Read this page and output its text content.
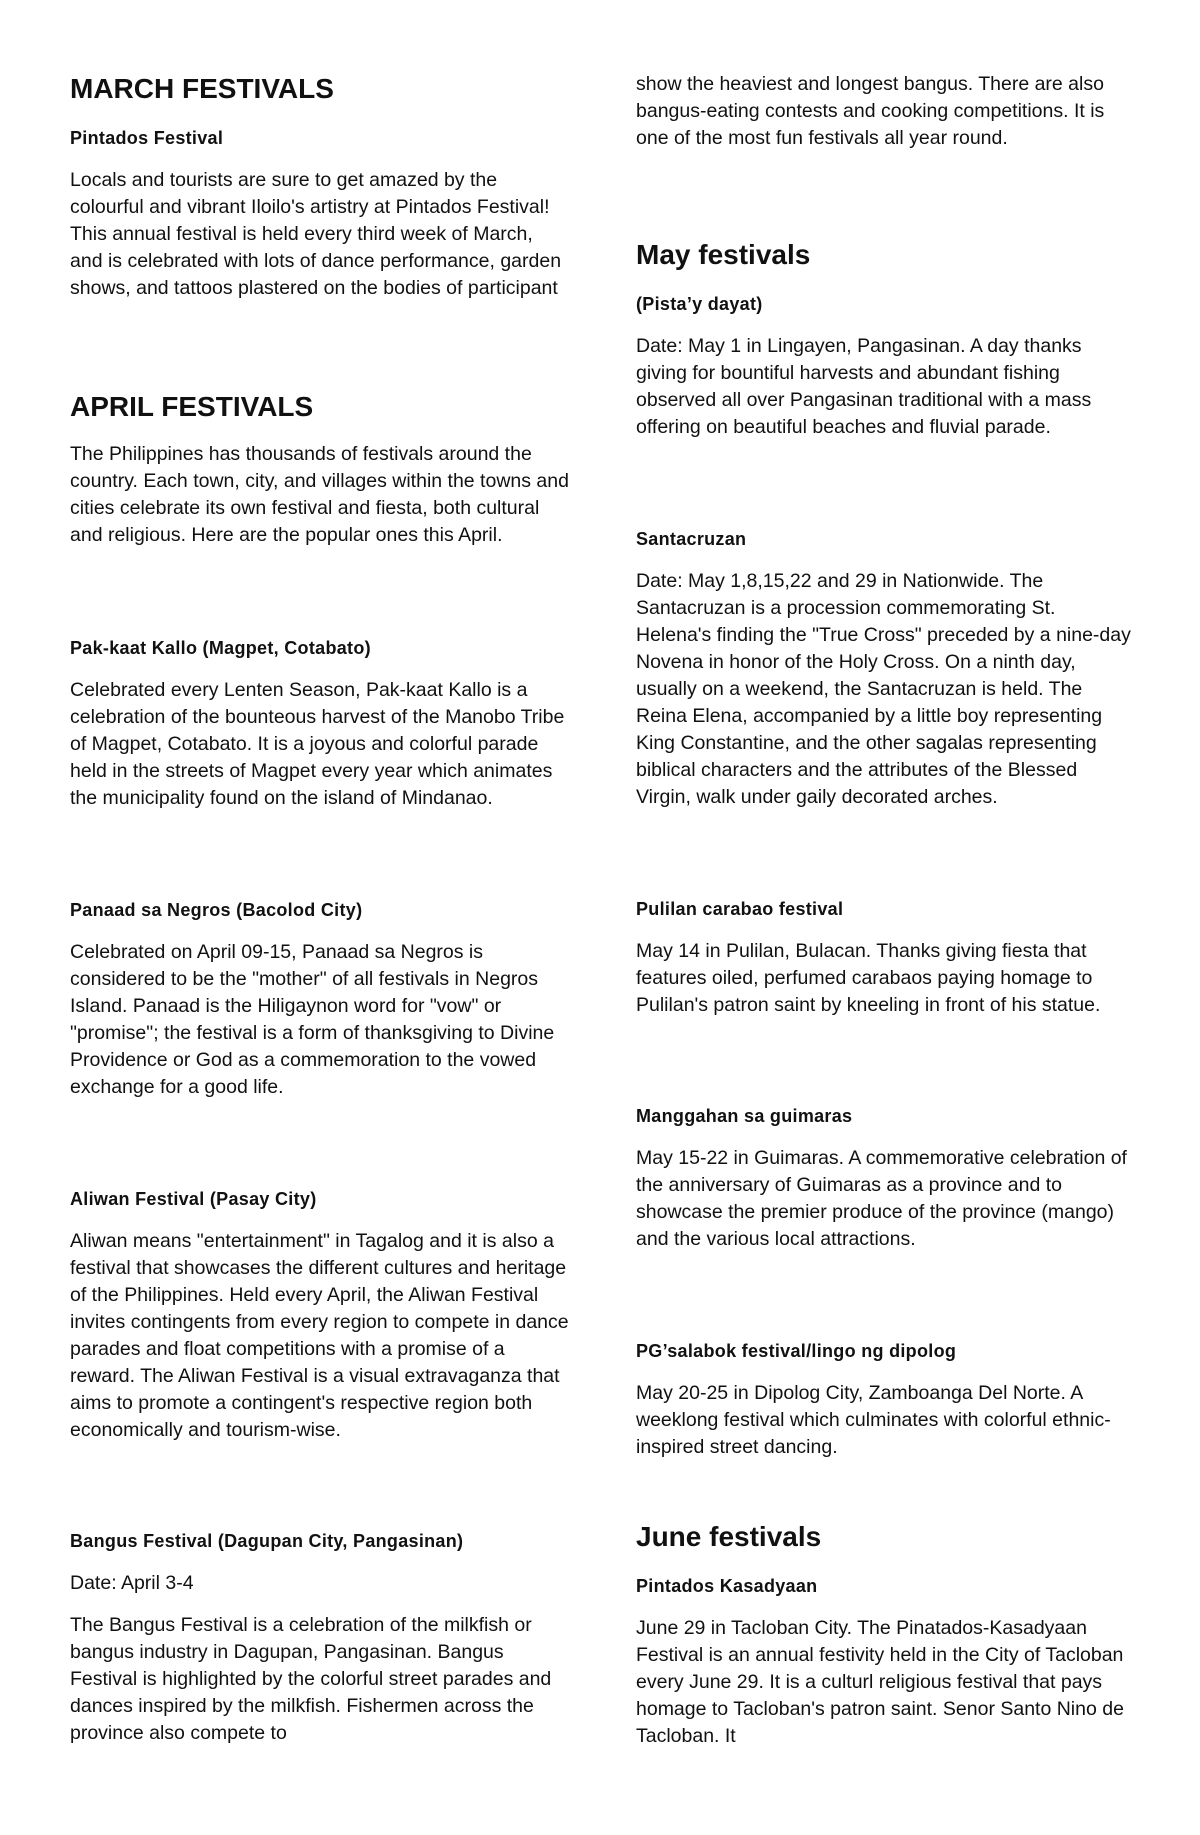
MARCH FESTIVALS
Pintados Festival
Locals and tourists are sure to get amazed by the colourful and vibrant Iloilo's artistry at Pintados Festival! This annual festival is held every third week of March, and is celebrated with lots of dance performance, garden shows, and tattoos plastered on the bodies of participant
APRIL FESTIVALS
The Philippines has thousands of festivals around the country. Each town, city, and villages within the towns and cities celebrate its own festival and fiesta, both cultural and religious. Here are the popular ones this April.
Pak-kaat Kallo (Magpet, Cotabato)
Celebrated every Lenten Season, Pak-kaat Kallo is a celebration of the bounteous harvest of the Manobo Tribe of Magpet, Cotabato. It is a joyous and colorful parade held in the streets of Magpet every year which animates the municipality found on the island of Mindanao.
Panaad sa Negros (Bacolod City)
Celebrated on April 09-15, Panaad sa Negros is considered to be the "mother" of all festivals in Negros Island. Panaad is the Hiligaynon word for "vow" or "promise"; the festival is a form of thanksgiving to Divine Providence or God as a commemoration to the vowed exchange for a good life.
Aliwan Festival (Pasay City)
Aliwan means "entertainment" in Tagalog and it is also a festival that showcases the different cultures and heritage of the Philippines. Held every April, the Aliwan Festival invites contingents from every region to compete in dance parades and float competitions with a promise of a reward. The Aliwan Festival is a visual extravaganza that aims to promote a contingent's respective region both economically and tourism-wise.
Bangus Festival (Dagupan City, Pangasinan)
Date: April 3-4
The Bangus Festival is a celebration of the milkfish or bangus industry in Dagupan, Pangasinan. Bangus Festival is highlighted by the colorful street parades and dances inspired by the milkfish. Fishermen across the province also compete to
show the heaviest and longest bangus. There are also bangus-eating contests and cooking competitions. It is one of the most fun festivals all year round.
May festivals
(Pista’y dayat)
Date: May 1 in Lingayen, Pangasinan. A day thanks giving for bountiful harvests and abundant fishing observed all over Pangasinan traditional with a mass offering on beautiful beaches and fluvial parade.
Santacruzan
Date: May 1,8,15,22 and 29 in Nationwide. The Santacruzan is a procession commemorating St. Helena's finding the "True Cross" preceded by a nine-day Novena in honor of the Holy Cross. On a ninth day, usually on a weekend, the Santacruzan is held. The Reina Elena, accompanied by a little boy representing King Constantine, and the other sagalas representing biblical characters and the attributes of the Blessed Virgin, walk under gaily decorated arches.
Pulilan carabao festival
May 14 in Pulilan, Bulacan. Thanks giving fiesta that features oiled, perfumed carabaos paying homage to Pulilan's patron saint by kneeling in front of his statue.
Manggahan sa guimaras
May 15-22 in Guimaras. A commemorative celebration of the anniversary of Guimaras as a province and to showcase the premier produce of the province (mango) and the various local attractions.
PG’salabok festival/lingo ng dipolog
May 20-25 in Dipolog City, Zamboanga Del Norte. A weeklong festival which culminates with colorful ethnic-inspired street dancing.
June festivals
Pintados Kasadyaan
June 29 in Tacloban City. The Pinatados-Kasadyaan Festival is an annual festivity held in the City of Tacloban every June 29. It is a culturl religious festival that pays homage to Tacloban's patron saint. Senor Santo Nino de Tacloban. It
